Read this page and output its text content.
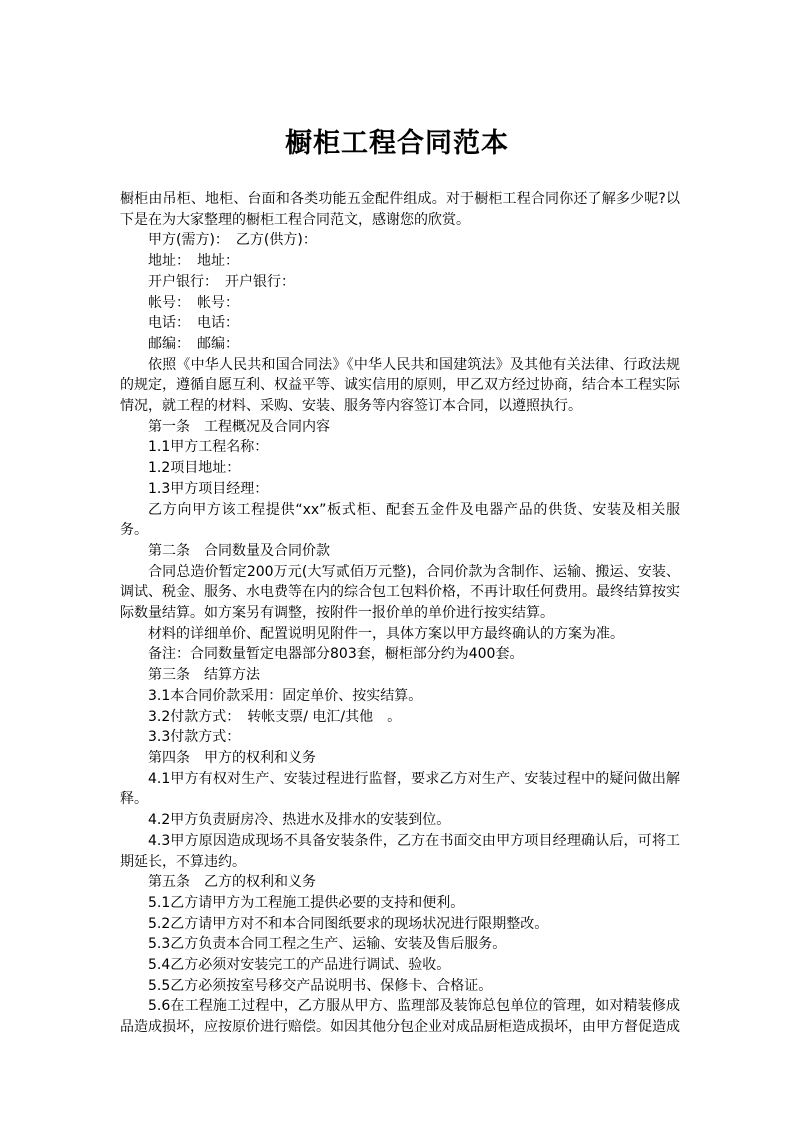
橱柜工程合同范本

橱柜由吊柜、地柜、台面和各类功能五金配件组成。对于橱柜工程合同你还了解多少呢?以下是在为大家整理的橱柜工程合同范文，感谢您的欣赏。

甲方(需方)：　乙方(供方)：

地址：　地址：

开户银行：　开户银行：

帐号：　帐号：

电话：　电话：

邮编：　邮编：

依照《中华人民共和国合同法》《中华人民共和国建筑法》及其他有关法律、行政法规的规定，遵循自愿互利、权益平等、诚实信用的原则，甲乙双方经过协商，结合本工程实际情况，就工程的材料、采购、安装、服务等内容签订本合同，以遵照执行。

第一条　工程概况及合同内容

1.1甲方工程名称：

1.2项目地址：

1.3甲方项目经理：

乙方向甲方该工程提供“xx”板式柜、配套五金件及电器产品的供货、安装及相关服务。

第二条　合同数量及合同价款

合同总造价暂定200万元(大写贰佰万元整)，合同价款为含制作、运输、搬运、安装、调试、税金、服务、水电费等在内的综合包工包料价格，不再计取任何费用。最终结算按实际数量结算。如方案另有调整，按附件一报价单的单价进行按实结算。

材料的详细单价、配置说明见附件一，具体方案以甲方最终确认的方案为准。

备注：合同数量暂定电器部分803套，橱柜部分约为400套。

第三条　结算方法

3.1本合同价款采用：固定单价、按实结算。

3.2付款方式：　转帐支票/ 电汇/其他　。

3.3付款方式：

第四条　甲方的权利和义务

4.1甲方有权对生产、安装过程进行监督，要求乙方对生产、安装过程中的疑问做出解释。

4.2甲方负责厨房冷、热进水及排水的安装到位。

4.3甲方原因造成现场不具备安装条件，乙方在书面交由甲方项目经理确认后，可将工期延长，不算违约。

第五条　乙方的权利和义务

5.1乙方请甲方为工程施工提供必要的支持和便利。

5.2乙方请甲方对不和本合同图纸要求的现场状况进行限期整改。

5.3乙方负责本合同工程之生产、运输、安装及售后服务。

5.4乙方必须对安装完工的产品进行调试、验收。

5.5乙方必须按室号移交产品说明书、保修卡、合格证。

5.6在工程施工过程中，乙方服从甲方、监理部及装饰总包单位的管理，如对精装修成品造成损坏，应按原价进行赔偿。如因其他分包企业对成品厨柜造成损坏，由甲方督促造成
